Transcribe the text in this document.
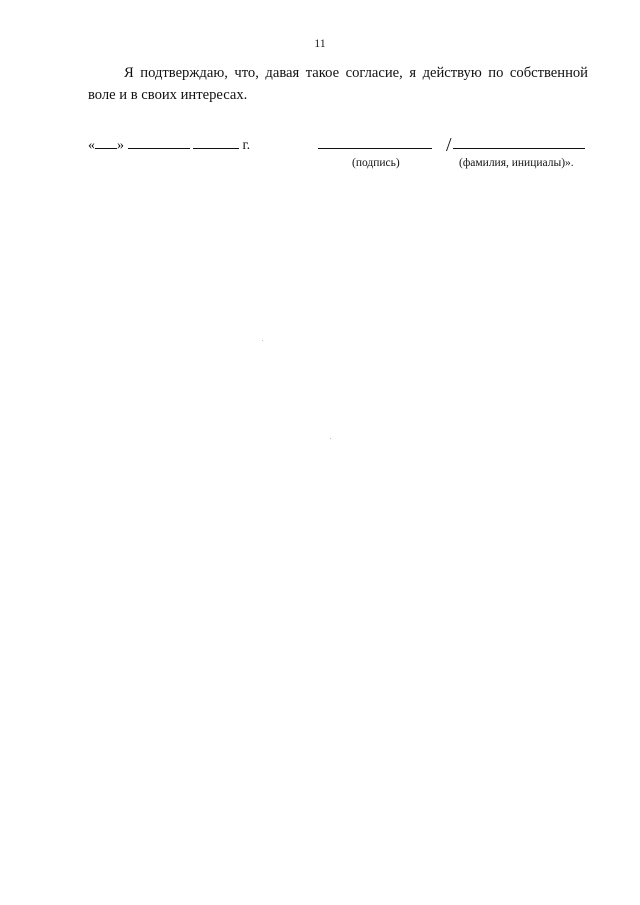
11

Я подтверждаю, что, давая такое согласие, я действую по собственной воле и в своих интересах.

« »	г.	/
(подпись)	(фамилия, инициалы)».
